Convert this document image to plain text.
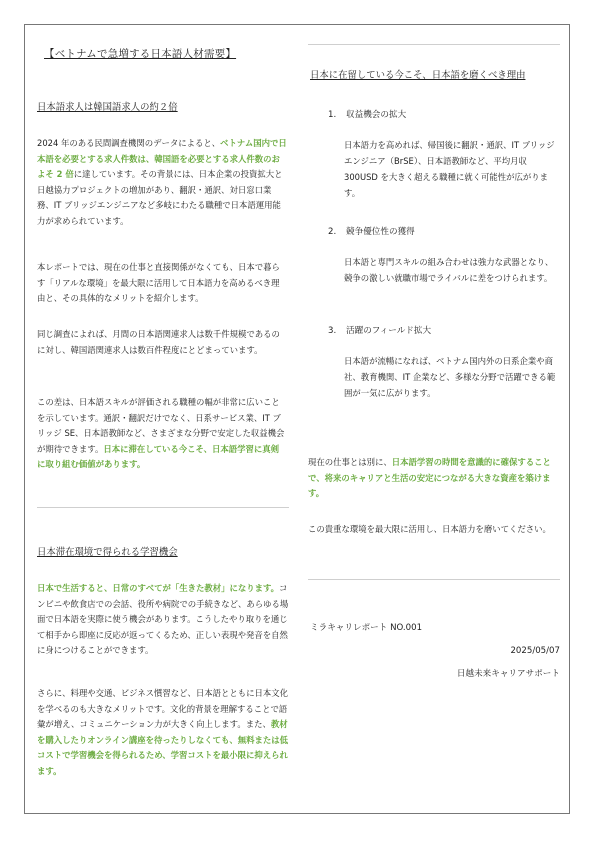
【ベトナムで急増する日本語人材需要】
日本語求人は韓国語求人の約２倍

2024 年のある民間調査機関のデータによると、ベトナム国内で日本語を必要とする求人件数は、韓国語を必要とする求人件数のおよそ 2 倍に達しています。その背景には、日本企業の投資拡大と日越協力プロジェクトの増加があり、翻訳・通訳、対日窓口業務、IT ブリッジエンジニアなど多岐にわたる職種で日本語運用能力が求められています。

本レポートでは、現在の仕事と直接関係がなくても、日本で暮らす「リアルな環境」を最大限に活用して日本語力を高めるべき理由と、その具体的なメリットを紹介します。

同じ調査によれば、月間の日本語関連求人は数千件規模であるのに対し、韓国語関連求人は数百件程度にとどまっています。

この差は、日本語スキルが評価される職種の幅が非常に広いことを示しています。通訳・翻訳だけでなく、日系サービス業、IT ブリッジ SE、日本語教師など、さまざまな分野で安定した収益機会が期待できます。日本に滞在している今こそ、日本語学習に真剣に取り組む価値があります。

日本滞在環境で得られる学習機会

日本で生活すると、日常のすべてが「生きた教材」になります。コンビニや飲食店での会話、役所や病院での手続きなど、あらゆる場面で日本語を実際に使う機会があります。こうしたやり取りを通じて相手から即座に反応が返ってくるため、正しい表現や発音を自然に身につけることができます。

さらに、料理や交通、ビジネス慣習など、日本語とともに日本文化を学べるのも大きなメリットです。文化的背景を理解することで語彙が増え、コミュニケーション力が大きく向上します。また、教材を購入したりオンライン講座を待ったりしなくても、無料または低コストで学習機会を得られるため、学習コストを最小限に抑えられます。

日本に在留している今こそ、日本語を磨くべき理由
1. 収益機会の拡大

日本語力を高めれば、帰国後に翻訳・通訳、IT ブリッジエンジニア（BrSE）、日本語教師など、平均月収 300USD を大きく超える職種に就く可能性が広がります。

2. 競争優位性の獲得

日本語と専門スキルの組み合わせは強力な武器となり、競争の激しい就職市場でライバルに差をつけられます。

3. 活躍のフィールド拡大

日本語が流暢になれば、ベトナム国内外の日系企業や商社、教育機関、IT 企業など、多様な分野で活躍できる範囲が一気に広がります。

現在の仕事とは別に、日本語学習の時間を意識的に確保することで、将来のキャリアと生活の安定につながる大きな資産を築けます。

この貴重な環境を最大限に活用し、日本語力を磨いてください。

ミラキャリレポート NO.001
2025/05/07
日越未来キャリアサポート
